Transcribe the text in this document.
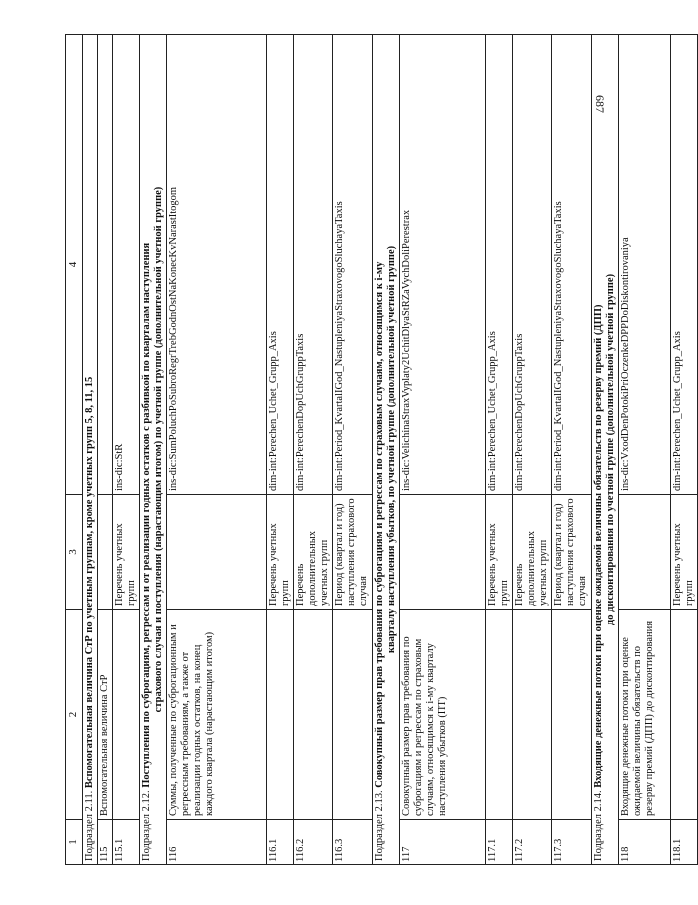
687
1	2	3	4

Подраздел 2.11. Вспомогательная величина СтР по учетным группам, кроме учетных групп 5, 8, 11, 15			

115	Вспомогательная величина СтР		
115.1		Перечень учетных групп	ins-dic:StR

Подраздел 2.12. Поступления по суброгациям, регрессам и от реализации годных остатков с разбивкой по кварталам наступления страхового случая и поступления (нарастающим итогом) по учетной группе (дополнительной учетной группе)			

116	Суммы, полученные по суброгационным и регрессным требованиям, а также от реализации годных остатков, на конец каждого квартала (нарастающим итогом)		ins-dic:SumPoluchPoSubroRegrTrebGodnOstNaKonecKvNarastItogom
116.1		Перечень учетных групп	dim-int:Perechen_Uchet_Grupp_Axis
116.2		Перечень дополнительных учетных групп	dim-int:PerechenDopUchGruppTaxis
116.3		Период (квартал и год) наступления страхового случая	dim-int:Period_KvartalIGod_NastupleniyaStraxovogoSluchayaTaxis

Подраздел 2.13. Совокупный размер прав требования по суброгациям и регрессам по страховым случаям, относящимся к i-му кварталу наступления убытков, по учетной группе (дополнительной учетной группе)			

117	Совокупный размер прав требования по суброгациям и регрессам по страховым случаям, относящимся к i-му кварталу наступления убытков (ПТ)		ins-dic:VelichinaStraxVyplaty2UchitDlyaStRZaVychDoliPerestrax
117.1		Перечень учетных групп	dim-int:Perechen_Uchet_Grupp_Axis
117.2		Перечень дополнительных учетных групп	dim-int:PerechenDopUchGruppTaxis
117.3		Период (квартал и год) наступления страхового случая	dim-int:Period_KvartalIGod_NastupleniyaStraxovogoSluchayaTaxis

Подраздел 2.14. Входящие денежные потоки при оценке ожидаемой величины обязательств по резерву премий (ДПП) до дисконтирования по учетной группе (дополнительной учетной группе)			

118	Входящие денежные потоки при оценке ожидаемой величины обязательств по резерву премий (ДПП) до дисконтирования		ins-dic:VxodDenPotokiPriOczenkeDPPDoDiskontirovaniya
118.1		Перечень учетных групп	dim-int:Perechen_Uchet_Grupp_Axis
